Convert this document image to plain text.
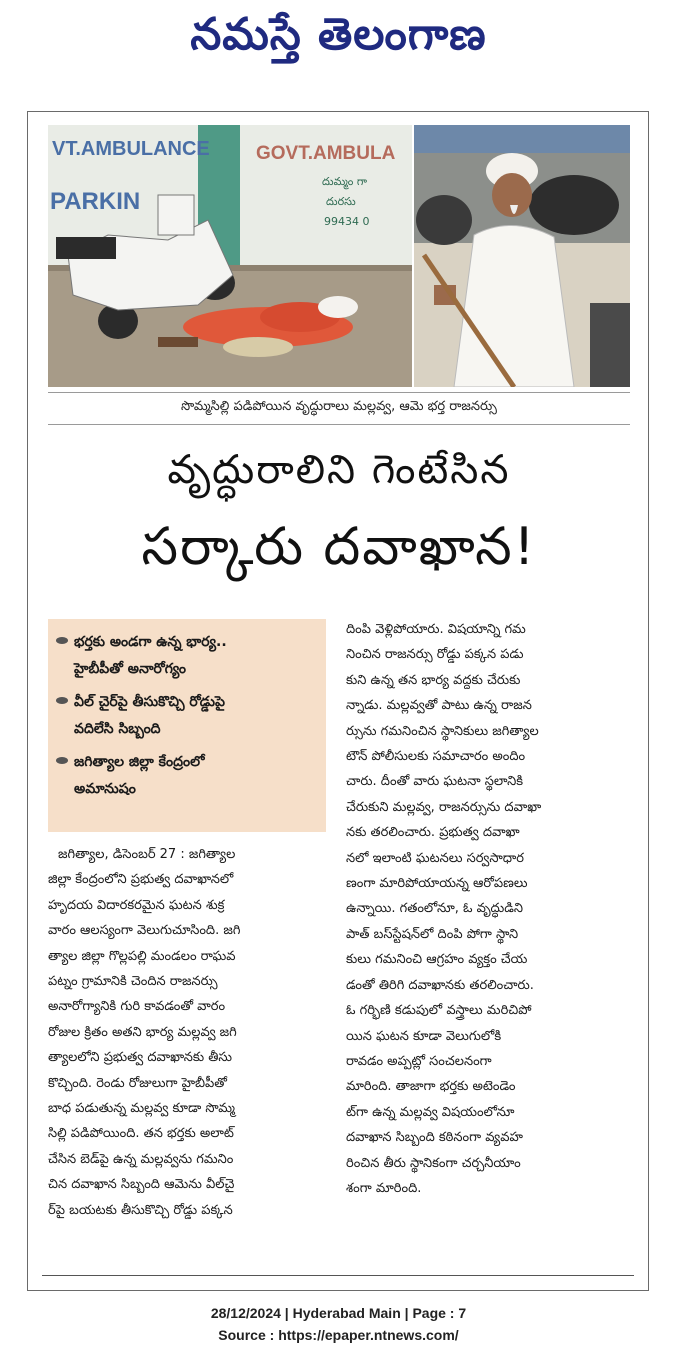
నమస్తే తెలంగాణ
VT.AMBULANCE GOVT.AMBULA
PARKIN
దుమ్మం గా
దురసు
99434 0
సొమ్మసిల్లి పడిపోయిన వృద్ధురాలు మల్లవ్వ, ఆమె భర్త రాజనర్సు
వృద్ధురాలిని గెంటేసిన
సర్కారు దవాఖాన!
భర్తకు అండగా ఉన్న భార్య..
హైబీపీతో అనారోగ్యం
వీల్ చైర్‌పై తీసుకొచ్చి రోడ్డుపై
వదిలేసి సిబ్బంది
జగిత్యాల జిల్లా కేంద్రంలో
అమానుషం
జగిత్యాల, డిసెంబర్ 27 : జగిత్యాల
జిల్లా కేంద్రంలోని ప్రభుత్వ దవాఖానలో
హృదయ విదారకరమైన ఘటన శుక్ర
వారం ఆలస్యంగా వెలుగుచూసింది. జగి
త్యాల జిల్లా గొల్లపల్లి మండలం రాఘవ
పట్నం గ్రామానికి చెందిన రాజనర్సు
అనారోగ్యానికి గురి కావడంతో వారం
రోజుల క్రితం అతని భార్య మల్లవ్వ జగి
త్యాలలోని ప్రభుత్వ దవాఖానకు తీసు
కొచ్చింది. రెండు రోజులుగా హైబీపీతో
బాధ పడుతున్న మల్లవ్వ కూడా సొమ్మ
సిల్లి పడిపోయింది. తన భర్తకు అలాట్
చేసిన బెడ్‌పై ఉన్న మల్లవ్వను గమనిం
చిన దవాఖాన సిబ్బంది ఆమెను వీల్‌చై
ర్‌పై బయటకు తీసుకొచ్చి రోడ్డు పక్కన
దింపి వెళ్లిపోయారు. విషయాన్ని గమ
నించిన రాజనర్సు రోడ్డు పక్కన పడు
కుని ఉన్న తన భార్య వద్దకు చేరుకు
న్నాడు. మల్లవ్వతో పాటు ఉన్న రాజన
ర్సును గమనించిన స్థానికులు జగిత్యాల
టౌన్ పోలీసులకు సమాచారం అందిం
చారు. దీంతో వారు ఘటనా స్థలానికి
చేరుకుని మల్లవ్వ, రాజనర్సును దవాఖా
నకు తరలించారు. ప్రభుత్వ దవాఖా
నలో ఇలాంటి ఘటనలు సర్వసాధార
ణంగా మారిపోయాయన్న ఆరోపణలు
ఉన్నాయి. గతంలోనూ, ఓ వృద్ధుడిని
పాత్ బస్‌స్టేషన్‌లో దింపి పోగా స్థాని
కులు గమనించి ఆగ్రహం వ్యక్తం చేయ
డంతో తిరిగి దవాఖానకు తరలించారు.
ఓ గర్భిణి కడుపులో వస్త్రాలు మరిచిపో
యిన ఘటన కూడా వెలుగులోకి
రావడం అప్పట్లో సంచలనంగా
మారింది. తాజాగా భర్తకు అటెండెం
ట్‌గా ఉన్న మల్లవ్వ విషయంలోనూ
దవాఖాన సిబ్బంది కఠినంగా వ్యవహ
రించిన తీరు స్థానికంగా చర్చనీయాం
శంగా మారింది.
28/12/2024 | Hyderabad Main | Page : 7
Source : https://epaper.ntnews.com/
